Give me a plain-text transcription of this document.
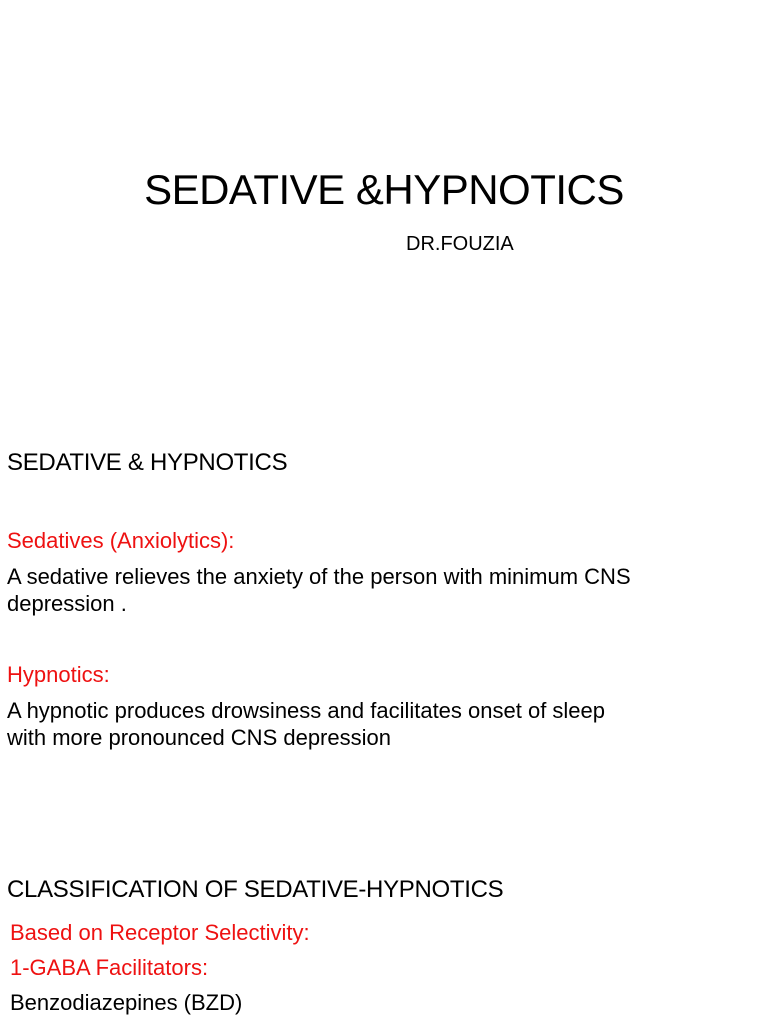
SEDATIVE &HYPNOTICS
DR.FOUZIA
SEDATIVE & HYPNOTICS
Sedatives (Anxiolytics):
A sedative relieves the anxiety of the person with minimum CNS
depression .
Hypnotics:
A hypnotic produces drowsiness and facilitates onset of sleep
with more pronounced CNS depression
CLASSIFICATION OF SEDATIVE-HYPNOTICS
Based on Receptor Selectivity:
1-GABA Facilitators:
Benzodiazepines (BZD)
